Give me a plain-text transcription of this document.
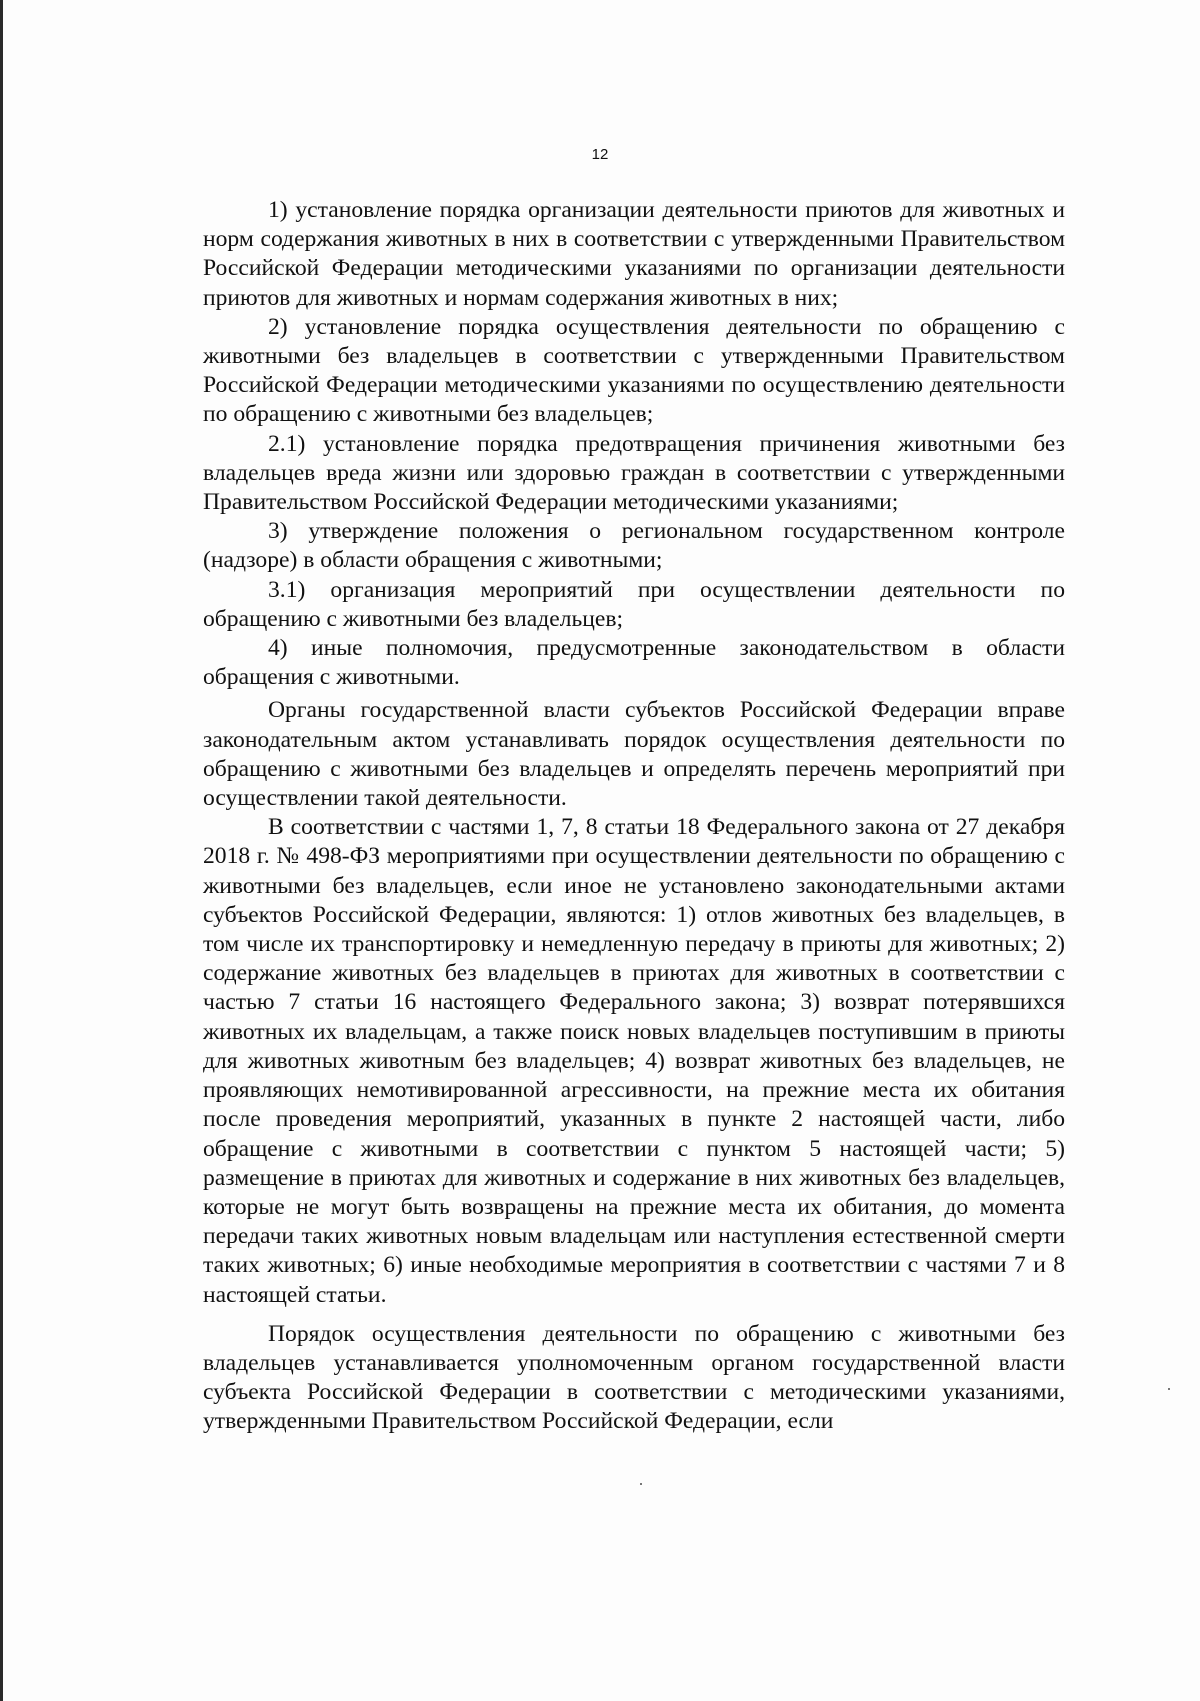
12

1) установление порядка организации деятельности приютов для животных и норм содержания животных в них в соответствии с утвержденными Правительством Российской Федерации методическими указаниями по организации деятельности приютов для животных и нормам содержания животных в них;

2) установление порядка осуществления деятельности по обращению с животными без владельцев в соответствии с утвержденными Правительством Российской Федерации методическими указаниями по осуществлению деятельности по обращению с животными без владельцев;

2.1) установление порядка предотвращения причинения животными без владельцев вреда жизни или здоровью граждан в соответствии с утвержденными Правительством Российской Федерации методическими указаниями;

3) утверждение положения о региональном государственном контроле (надзоре) в области обращения с животными;

3.1) организация мероприятий при осуществлении деятельности по обращению с животными без владельцев;

4) иные полномочия, предусмотренные законодательством в области обращения с животными.

Органы государственной власти субъектов Российской Федерации вправе законодательным актом устанавливать порядок осуществления деятельности по обращению с животными без владельцев и определять перечень мероприятий при осуществлении такой деятельности.

В соответствии с частями 1, 7, 8 статьи 18 Федерального закона от 27 декабря 2018 г. № 498-ФЗ мероприятиями при осуществлении деятельности по обращению с животными без владельцев, если иное не установлено законодательными актами субъектов Российской Федерации, являются: 1) отлов животных без владельцев, в том числе их транспортировку и немедленную передачу в приюты для животных; 2) содержание животных без владельцев в приютах для животных в соответствии с частью 7 статьи 16 настоящего Федерального закона; 3) возврат потерявшихся животных их владельцам, а также поиск новых владельцев поступившим в приюты для животных животным без владельцев; 4) возврат животных без владельцев, не проявляющих немотивированной агрессивности, на прежние места их обитания после проведения мероприятий, указанных в пункте 2 настоящей части, либо обращение с животными в соответствии с пунктом 5 настоящей части; 5) размещение в приютах для животных и содержание в них животных без владельцев, которые не могут быть возвращены на прежние места их обитания, до момента передачи таких животных новым владельцам или наступления естественной смерти таких животных; 6) иные необходимые мероприятия в соответствии с частями 7 и 8 настоящей статьи.

Порядок осуществления деятельности по обращению с животными без владельцев устанавливается уполномоченным органом государственной власти субъекта Российской Федерации в соответствии с методическими указаниями, утвержденными Правительством Российской Федерации, если
